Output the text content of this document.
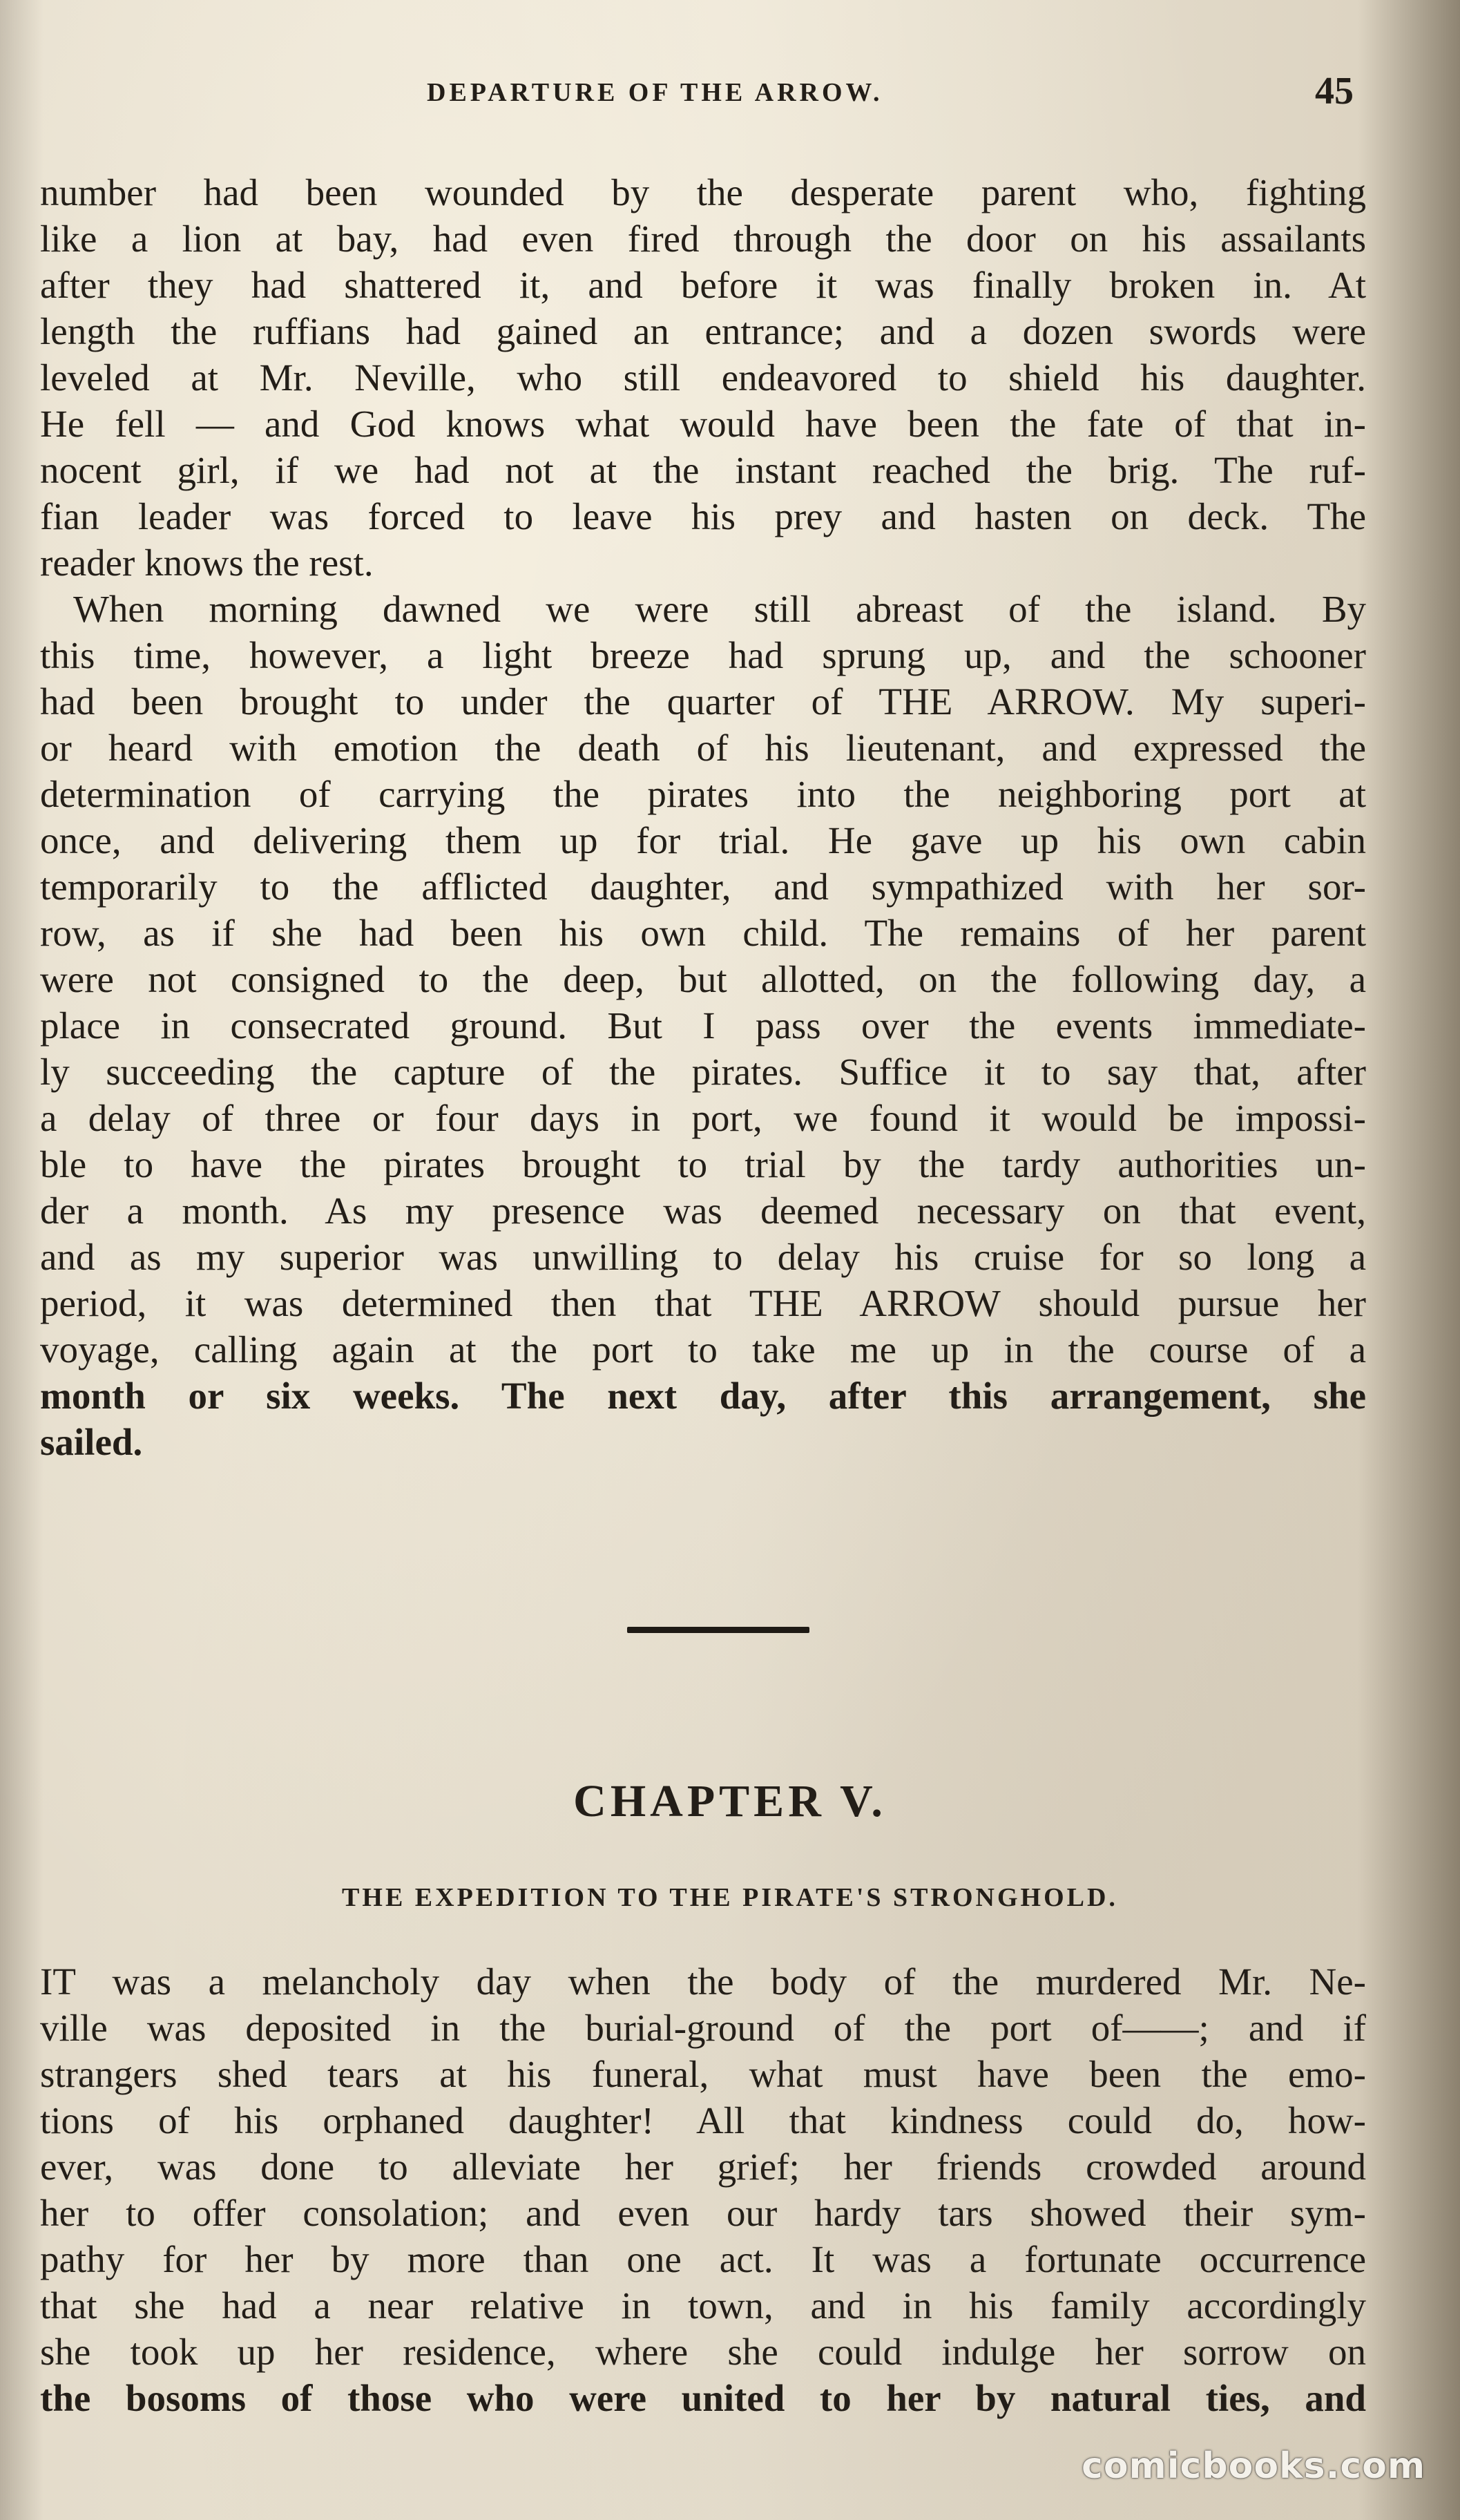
DEPARTURE OF THE ARROW.	45
number had been wounded by the desperate parent who, fighting
like a lion at bay, had even fired through the door on his assailants
after they had shattered it, and before it was finally broken in. At
length the ruffians had gained an entrance; and a dozen swords were
leveled at Mr. Neville, who still endeavored to shield his daughter.
He fell — and God knows what would have been the fate of that in-
nocent girl, if we had not at the instant reached the brig. The ruf-
fian leader was forced to leave his prey and hasten on deck. The
reader knows the rest.
When morning dawned we were still abreast of the island. By
this time, however, a light breeze had sprung up, and the schooner
had been brought to under the quarter of THE ARROW. My superi-
or heard with emotion the death of his lieutenant, and expressed the
determination of carrying the pirates into the neighboring port at
once, and delivering them up for trial. He gave up his own cabin
temporarily to the afflicted daughter, and sympathized with her sor-
row, as if she had been his own child. The remains of her parent
were not consigned to the deep, but allotted, on the following day, a
place in consecrated ground. But I pass over the events immediate-
ly succeeding the capture of the pirates. Suffice it to say that, after
a delay of three or four days in port, we found it would be impossi-
ble to have the pirates brought to trial by the tardy authorities un-
der a month. As my presence was deemed necessary on that event,
and as my superior was unwilling to delay his cruise for so long a
period, it was determined then that THE ARROW should pursue her
voyage, calling again at the port to take me up in the course of a
month or six weeks. The next day, after this arrangement, she
sailed.
CHAPTER V.
THE EXPEDITION TO THE PIRATE'S STRONGHOLD.
IT was a melancholy day when the body of the murdered Mr. Ne-
ville was deposited in the burial-ground of the port of——; and if
strangers shed tears at his funeral, what must have been the emo-
tions of his orphaned daughter! All that kindness could do, how-
ever, was done to alleviate her grief; her friends crowded around
her to offer consolation; and even our hardy tars showed their sym-
pathy for her by more than one act. It was a fortunate occurrence
that she had a near relative in town, and in his family accordingly
she took up her residence, where she could indulge her sorrow on
the bosoms of those who were united to her by natural ties, and
comicbooks.com
